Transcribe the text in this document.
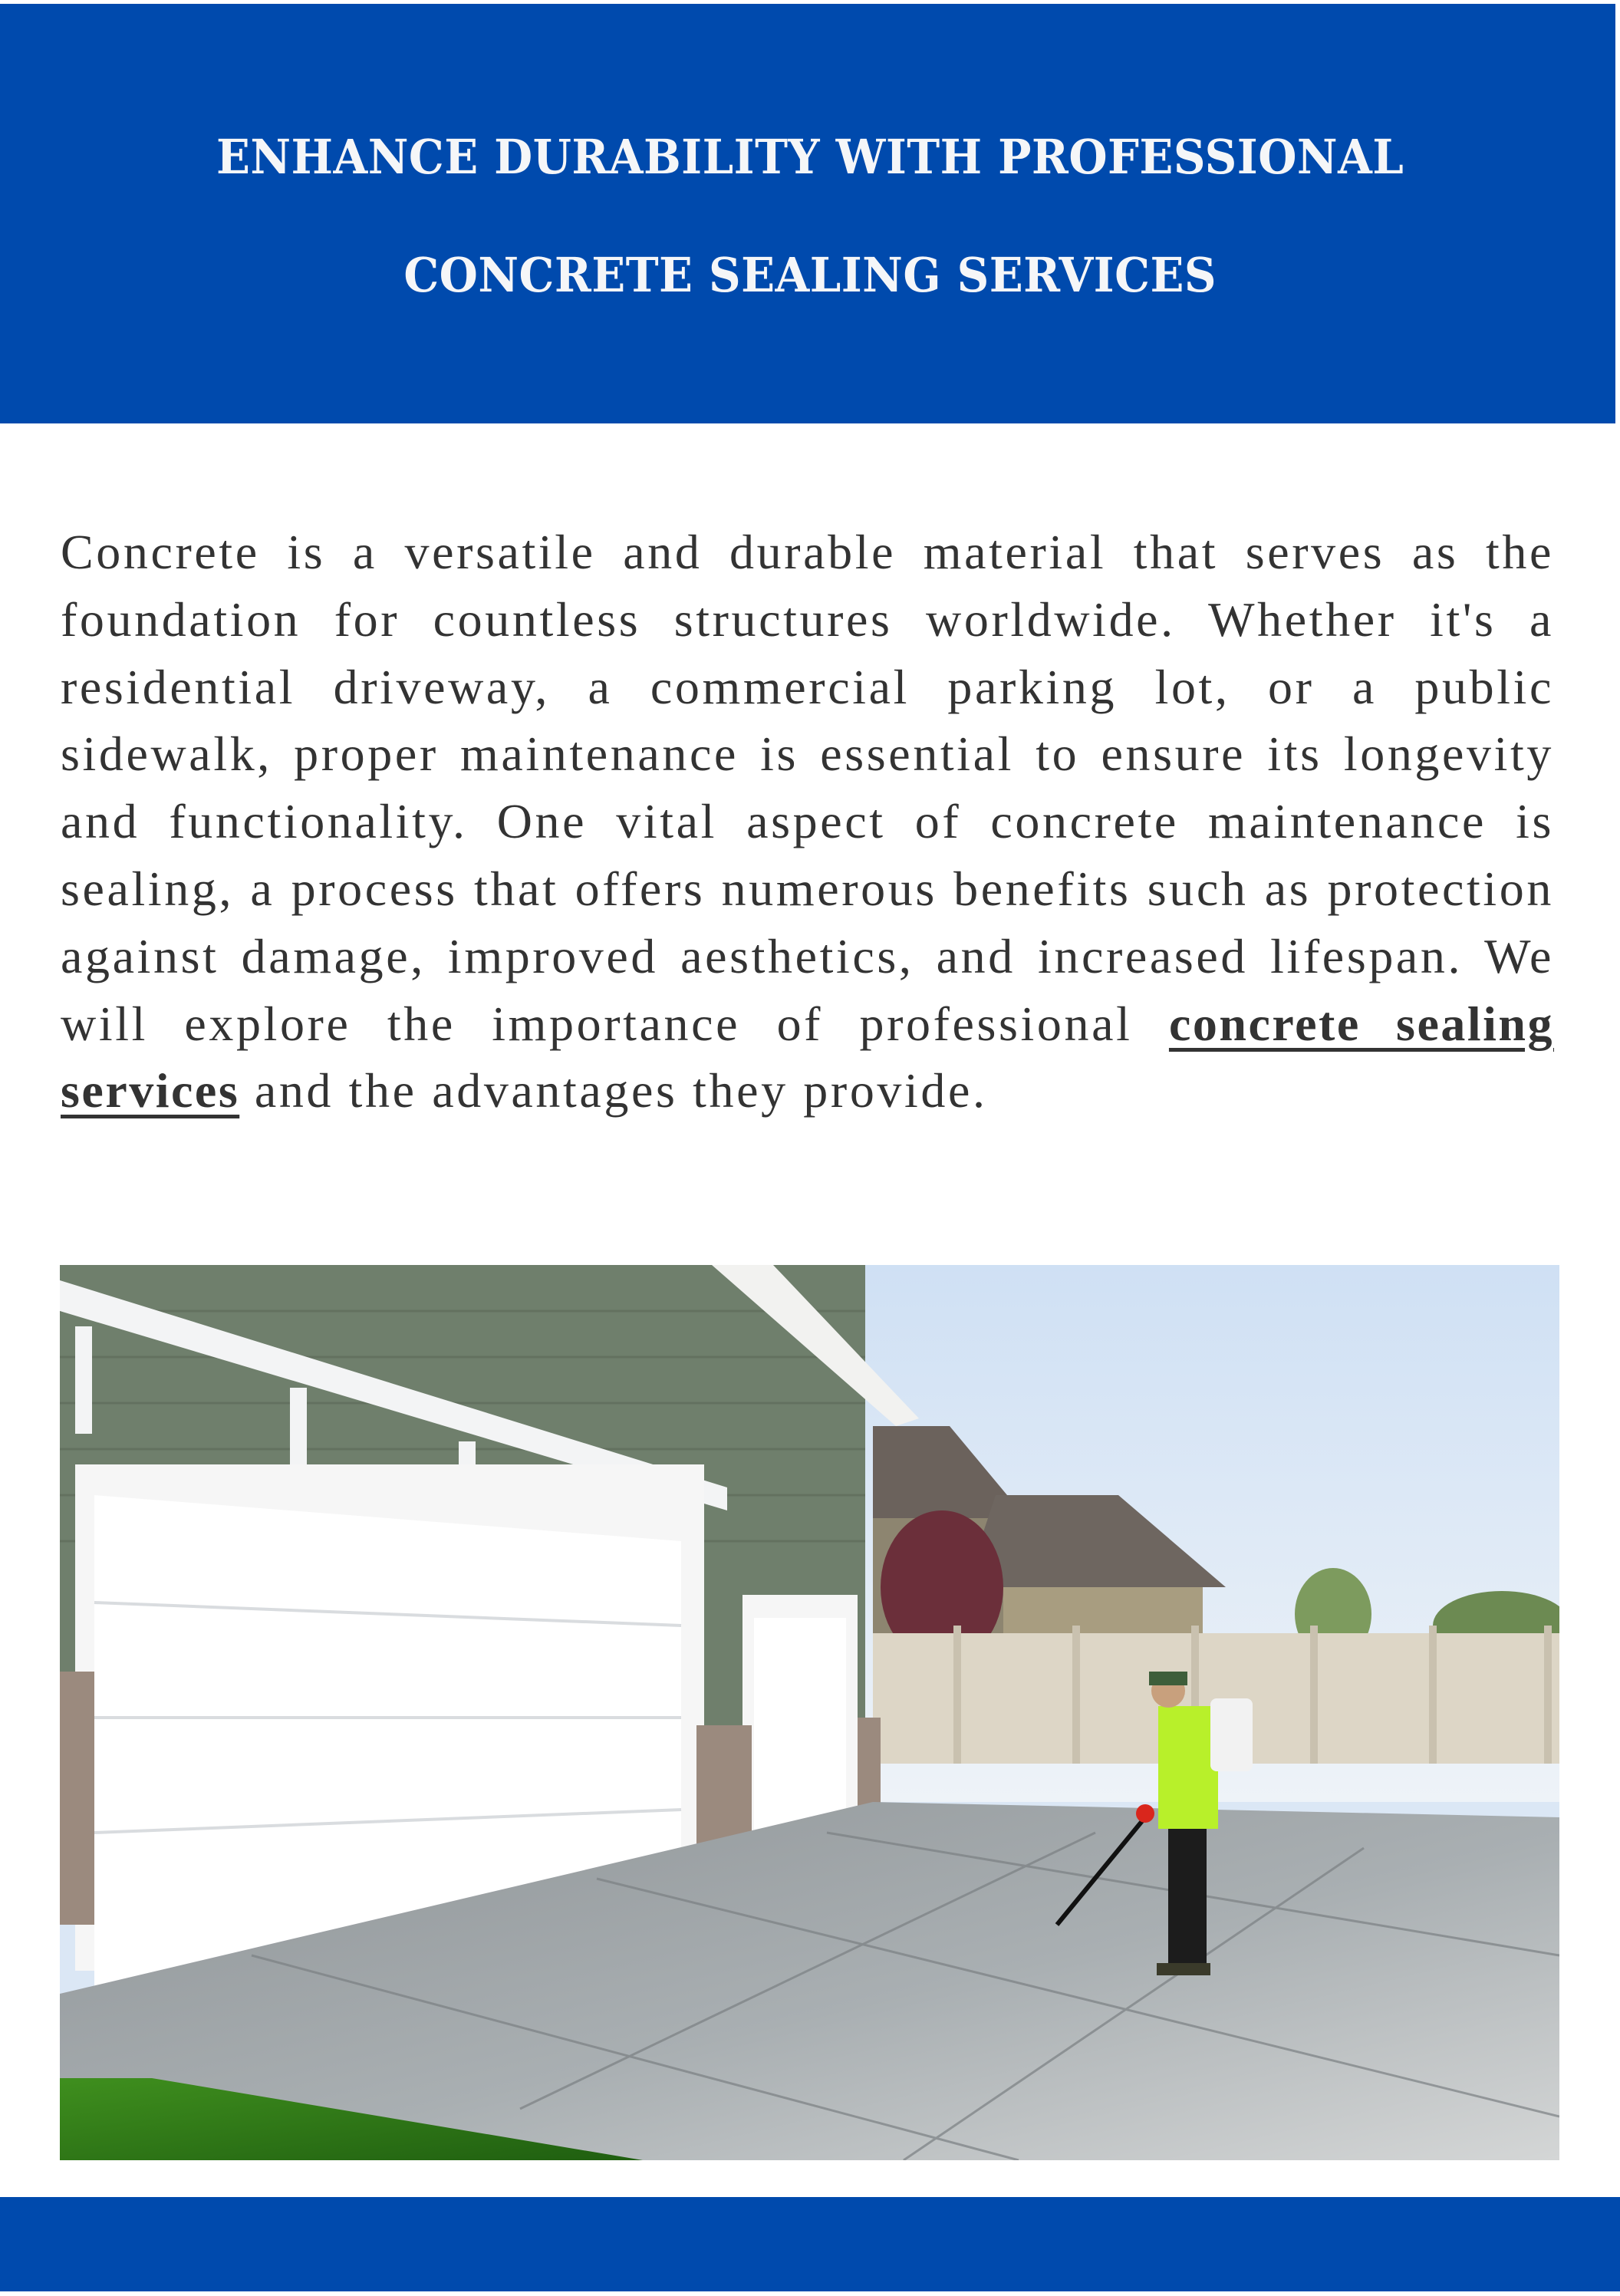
ENHANCE DURABILITY WITH PROFESSIONAL
CONCRETE SEALING SERVICES

Concrete is a versatile and durable material that serves as the foundation for countless structures worldwide. Whether it's a residential driveway, a commercial parking lot, or a public sidewalk, proper maintenance is essential to ensure its longevity and functionality. One vital aspect of concrete maintenance is sealing, a process that offers numerous benefits such as protection against damage, improved aesthetics, and increased lifespan. We will explore the importance of professional concrete sealing services and the advantages they provide.
